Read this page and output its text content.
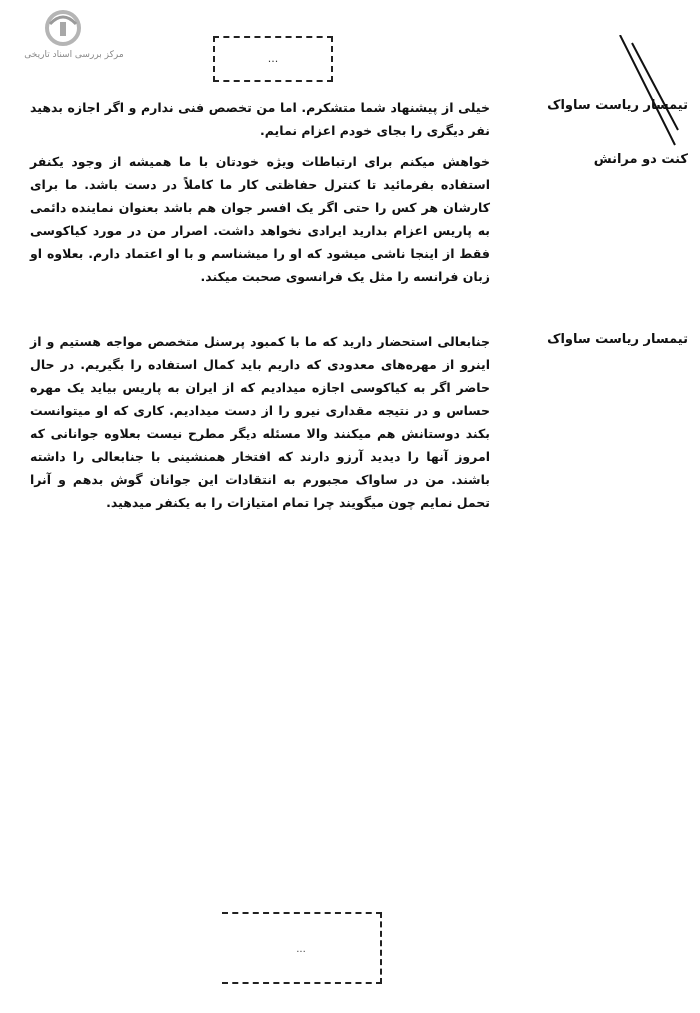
مرکز بررسی اسناد تاریخی	...
تیمسار ریاست ساواک
خیلی از پیشنهاد شما متشکرم. اما من تخصص فنی ندارم و اگر اجازه بدهید نفر دیگری را بجای خودم اعزام نمایم.
کنت دو مرانش
خواهش میکنم برای ارتباطات ویژه خودتان با ما همیشه از وجود یکنفر استفاده بفرمائید تا کنترل حفاظتی کار ما کاملاً در دست باشد. ما برای کارشان هر کس را حتی اگر یک افسر جوان هم باشد بعنوان نماینده دائمی به پاریس اعزام بدارید ایرادی نخواهد داشت. اصرار من در مورد کیاکوسی فقط از اینجا ناشی میشود که او را میشناسم و با او اعتماد دارم. بعلاوه او زبان فرانسه را مثل یک فرانسوی صحبت میکند.
تیمسار ریاست ساواک
جنابعالی استحضار دارید که ما با کمبود پرسنل متخصص مواجه هستیم و از اینرو از مهره‌های معدودی که داریم باید کمال استفاده را بگیریم. در حال حاضر اگر به کیاکوسی اجازه میدادیم که از ایران به پاریس بیاید یک مهره حساس و در نتیجه مقداری نیرو را از دست میدادیم. کاری که او میتوانست بکند دوستانش هم میکنند والا مسئله دیگر مطرح نیست بعلاوه جوانانی که امروز آنها را دیدید آرزو دارند که افتخار همنشینی با جنابعالی را داشته باشند. من در ساواک مجبورم به انتقادات این جوانان گوش بدهم و آنرا تحمل نمایم چون میگویند چرا تمام امتیازات را به یکنفر میدهید.
...
